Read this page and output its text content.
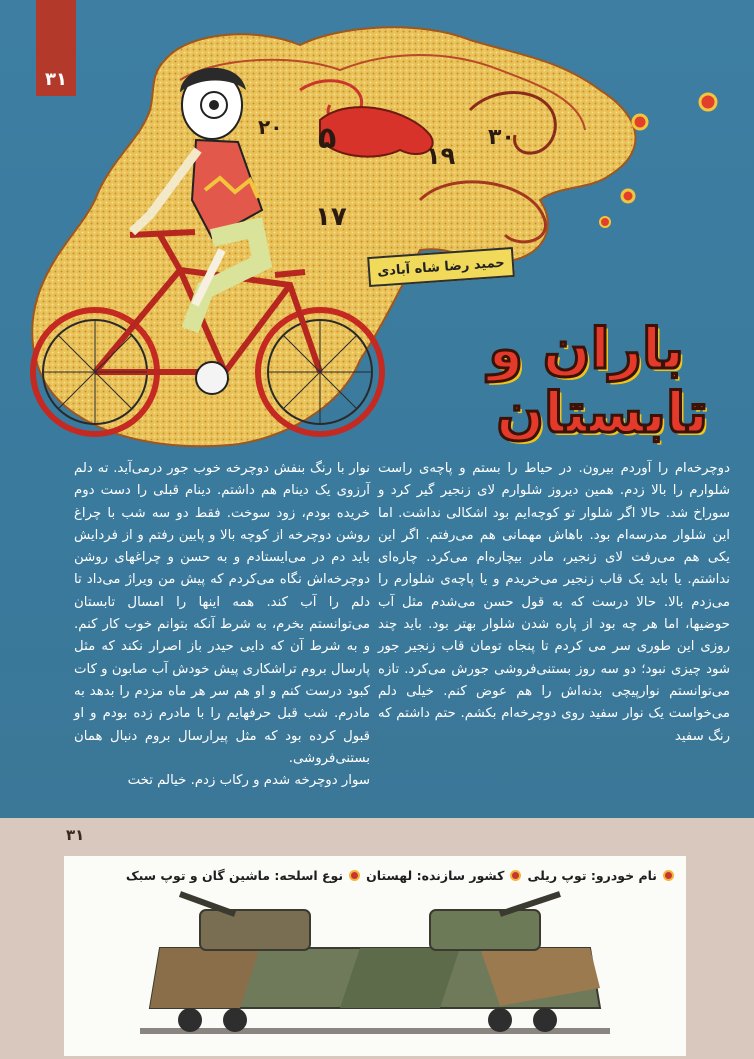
۳۱
۵
۲۰
۱۹
۱۷
۳۰
حمید رضا شاه آبادی
باران و
تابستان

دوچرخه‌ام را آوردم بیرون. در حیاط را بستم و پاچه‌ی راست شلوارم را بالا زدم. همین دیروز شلوارم لای زنجیر گیر کرد و سوراخ شد. حالا اگر شلوار تو کوچه‌ایم بود اشکالی نداشت. اما این شلوار مدرسه‌ام بود. باهاش مهمانی هم می‌رفتم. اگر این یکی هم می‌رفت لای زنجیر، مادر بیچاره‌ام می‌کرد. چاره‌ای نداشتم. یا باید یک قاب زنجیر می‌خریدم و یا پاچه‌ی شلوارم را می‌زدم بالا. حالا درست که به قول حسن می‌شدم مثل آب حوضیها، اما هر چه بود از پاره شدن شلوار بهتر بود. باید چند روزی این طوری سر می کردم تا پنجاه تومان قاب زنجیر جور شود چیزی نبود؛ دو سه روز بستنی‌فروشی جورش می‌کرد. تازه می‌توانستم نوارپیچی بدنه‌اش را هم عوض کنم. خیلی دلم می‌خواست یک نوار سفید روی دوچرخه‌ام بکشم. حتم داشتم که رنگ سفید

نوار با رنگ بنفش دوچرخه خوب جور درمی‌آید. ته دلم آرزوی یک دینام هم داشتم. دینام قبلی را دست دوم خریده بودم، زود سوخت. فقط دو سه شب با چراغ روشن دوچرخه از کوچه بالا و پایین رفتم و از فردایش باید دم در می‌ایستادم و به حسن و چراغهای روشن دوچرخه‌اش نگاه می‌کردم که پیش من ویراژ می‌داد تا دلم را آب کند. همه اینها را امسال تابستان می‌توانستم بخرم، به شرط آنکه بتوانم خوب کار کنم. و به شرط آن که دایی حیدر باز اصرار نکند که مثل پارسال بروم تراشکاری پیش خودش آب صابون و کات کبود درست کنم و او هم سر هر ماه مزدم را بدهد به مادرم. شب قبل حرفهایم را با مادرم زده بودم و او قبول کرده بود که مثل پیرارسال بروم دنبال همان بستنی‌فروشی.

سوار دوچرخه شدم و رکاب زدم. خیالم تخت

۳۱
نام خودرو: توپ ریلی
کشور سازنده: لهستان
نوع اسلحه: ماشین گان و توپ سبک
